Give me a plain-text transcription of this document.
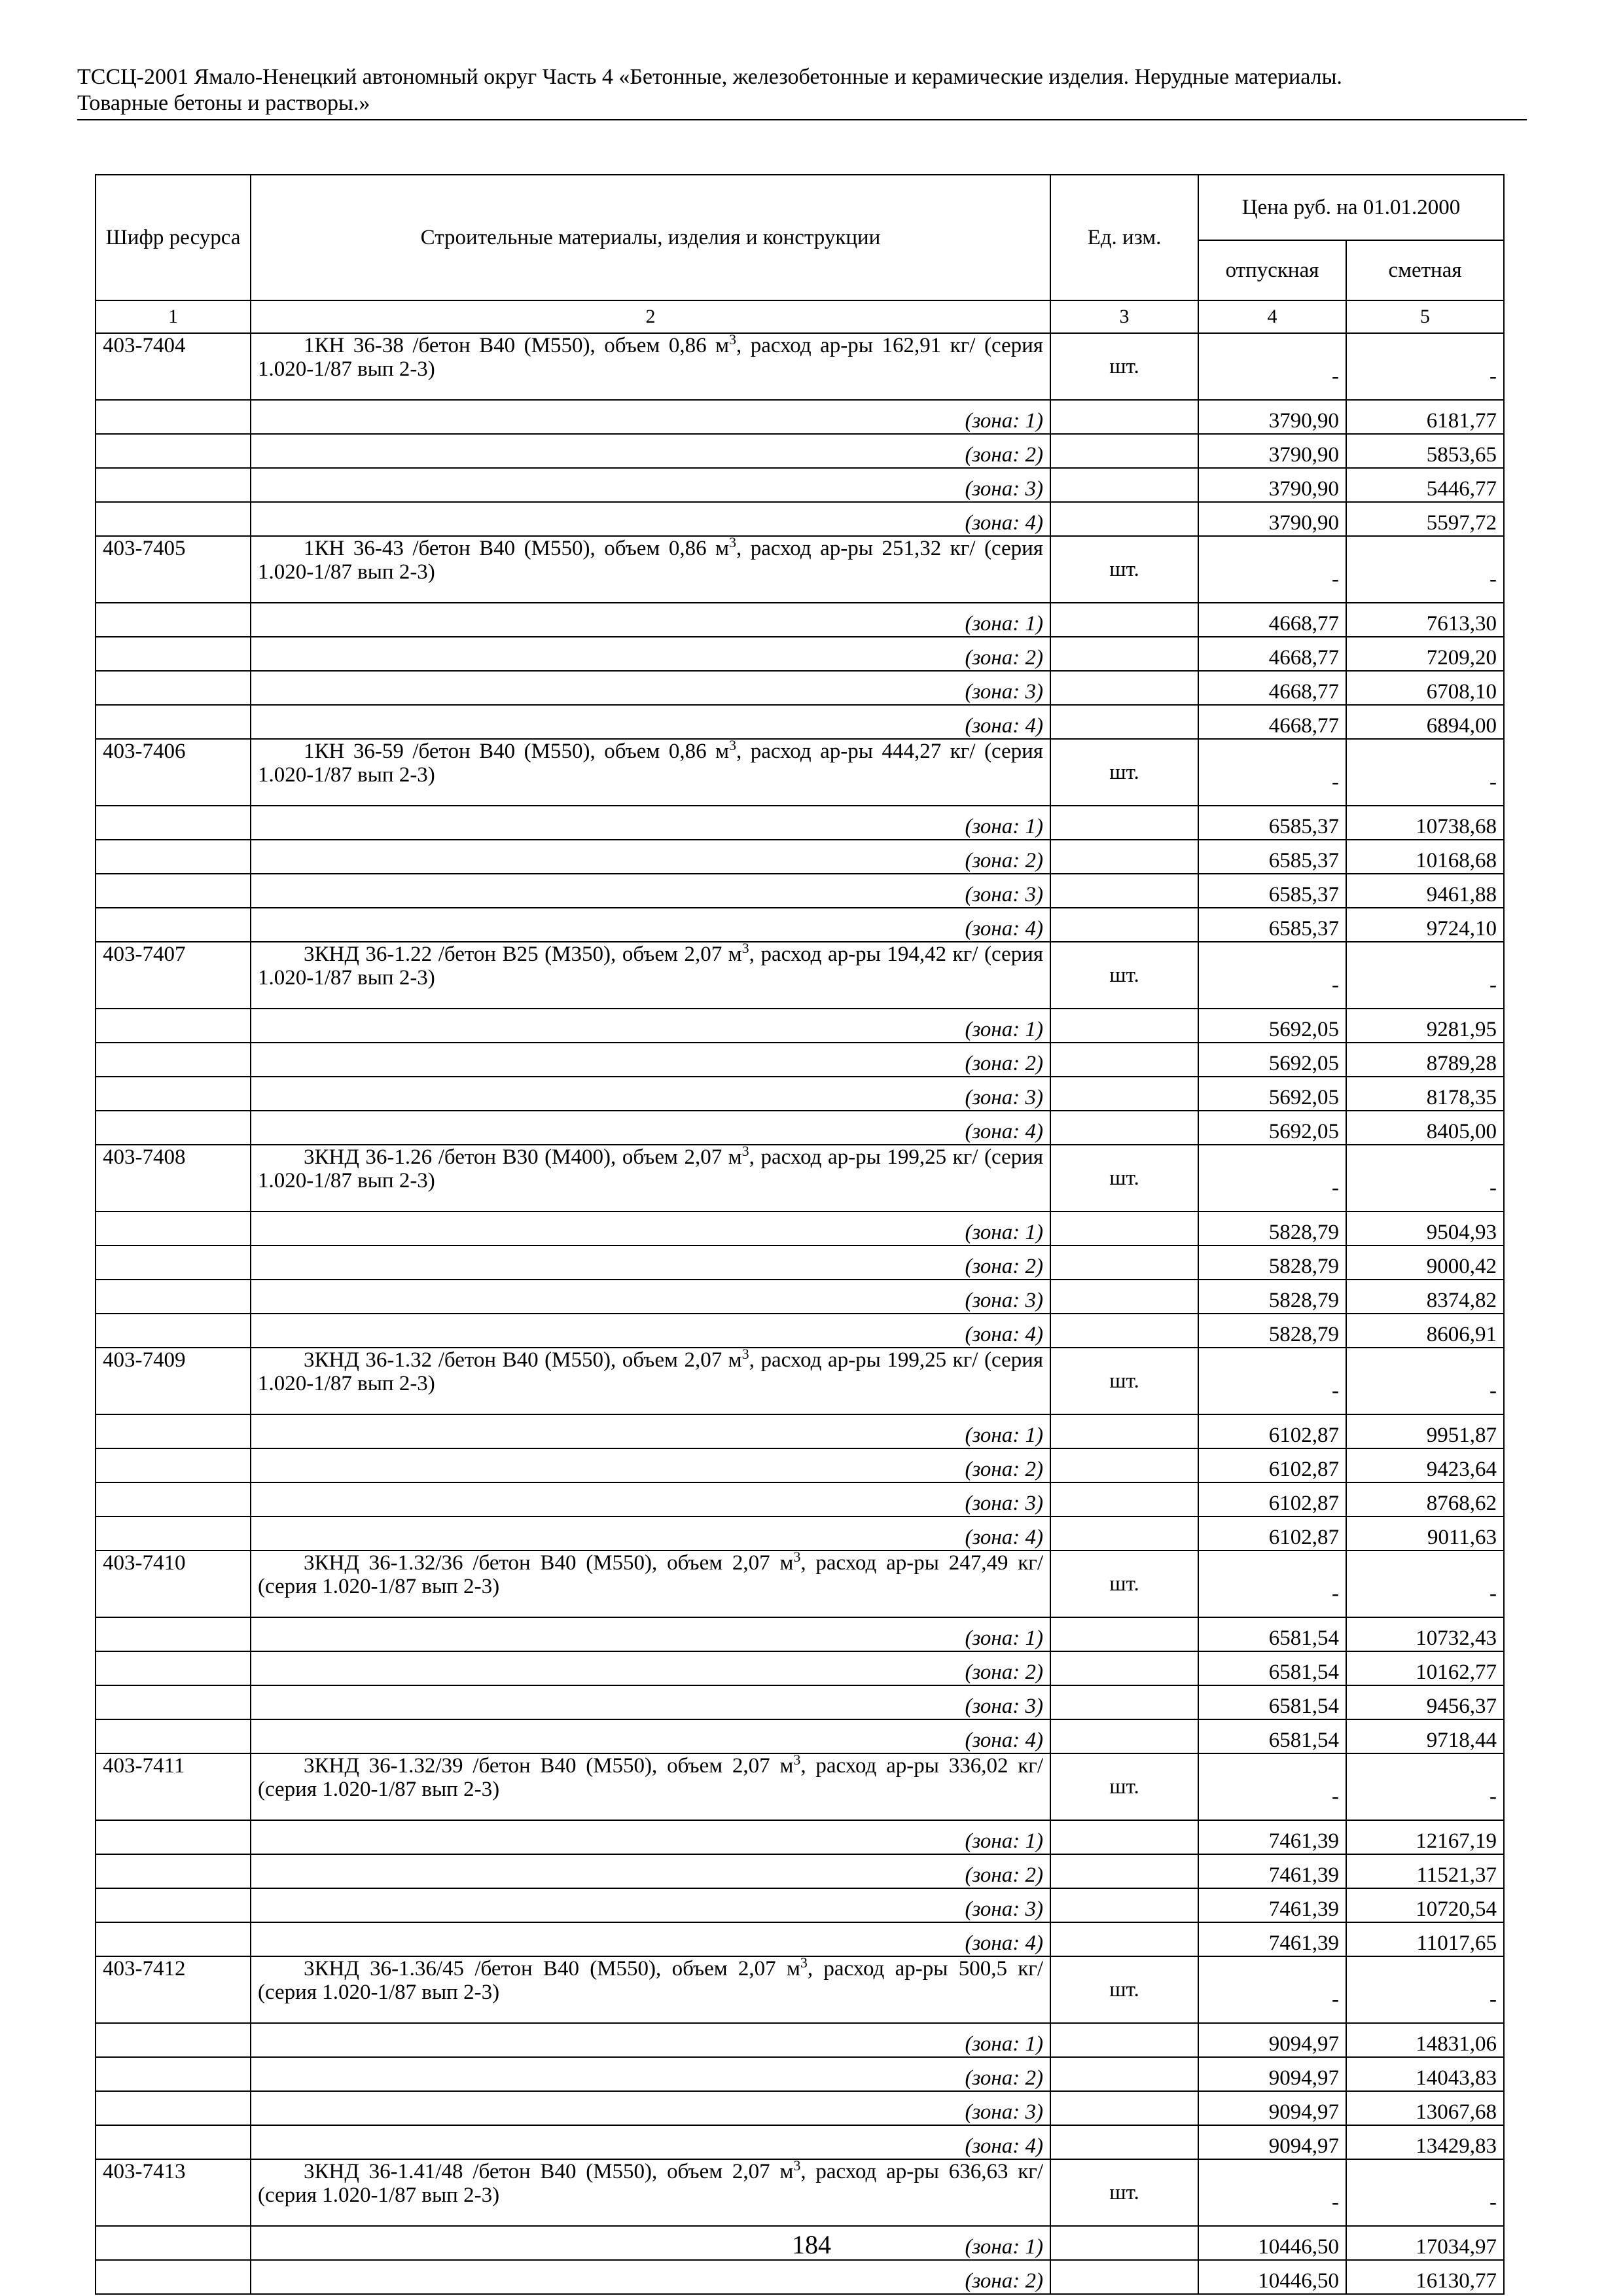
ТССЦ-2001 Ямало-Ненецкий автономный округ Часть 4 «Бетонные, железобетонные и керамические изделия. Нерудные материалы.
Товарные бетоны и растворы.»
Шифр ресурса	Строительные материалы, изделия и конструкции	Ед. изм.	Цена руб. на 01.01.2000	
			отпускная	сметная
1	2	3	4	5
403-7404	1КН 36-38 /бетон В40 (М550), объем 0,86 $м^3$, расход ар-ры 162,91 кг/ (серия 1.020-1/87 вып 2-3)	шт.	-	-
	(зона: 1)		3790,90	6181,77
	(зона: 2)		3790,90	5853,65
	(зона: 3)		3790,90	5446,77
	(зона: 4)		3790,90	5597,72
403-7405	1КН 36-43 /бетон В40 (М550), объем 0,86 $м^3$, расход ар-ры 251,32 кг/ (серия 1.020-1/87 вып 2-3)	шт.	-	-
	(зона: 1)		4668,77	7613,30
	(зона: 2)		4668,77	7209,20
	(зона: 3)		4668,77	6708,10
	(зона: 4)		4668,77	6894,00
403-7406	1КН 36-59 /бетон В40 (М550), объем 0,86 $м^3$, расход ар-ры 444,27 кг/ (серия 1.020-1/87 вып 2-3)	шт.	-	-
	(зона: 1)		6585,37	10738,68
	(зона: 2)		6585,37	10168,68
	(зона: 3)		6585,37	9461,88
	(зона: 4)		6585,37	9724,10
403-7407	3КНД 36-1.22 /бетон В25 (М350), объем 2,07 $м^3$, расход ар-ры 194,42 кг/ (серия 1.020-1/87 вып 2-3)	шт.	-	-
	(зона: 1)		5692,05	9281,95
	(зона: 2)		5692,05	8789,28
	(зона: 3)		5692,05	8178,35
	(зона: 4)		5692,05	8405,00
403-7408	3КНД 36-1.26 /бетон В30 (М400), объем 2,07 $м^3$, расход ар-ры 199,25 кг/ (серия 1.020-1/87 вып 2-3)	шт.	-	-
	(зона: 1)		5828,79	9504,93
	(зона: 2)		5828,79	9000,42
	(зона: 3)		5828,79	8374,82
	(зона: 4)		5828,79	8606,91
403-7409	3КНД 36-1.32 /бетон В40 (М550), объем 2,07 $м^3$, расход ар-ры 199,25 кг/ (серия 1.020-1/87 вып 2-3)	шт.	-	-
	(зона: 1)		6102,87	9951,87
	(зона: 2)		6102,87	9423,64
	(зона: 3)		6102,87	8768,62
	(зона: 4)		6102,87	9011,63
403-7410	3КНД 36-1.32/36 /бетон В40 (М550), объем 2,07 $м^3$, расход ар-ры 247,49 кг/ (серия 1.020-1/87 вып 2-3)	шт.	-	-
	(зона: 1)		6581,54	10732,43
	(зона: 2)		6581,54	10162,77
	(зона: 3)		6581,54	9456,37
	(зона: 4)		6581,54	9718,44
403-7411	3КНД 36-1.32/39 /бетон В40 (М550), объем 2,07 $м^3$, расход ар-ры 336,02 кг/ (серия 1.020-1/87 вып 2-3)	шт.	-	-
	(зона: 1)		7461,39	12167,19
	(зона: 2)		7461,39	11521,37
	(зона: 3)		7461,39	10720,54
	(зона: 4)		7461,39	11017,65
403-7412	3КНД 36-1.36/45 /бетон В40 (М550), объем 2,07 $м^3$, расход ар-ры 500,5 кг/ (серия 1.020-1/87 вып 2-3)	шт.	-	-
	(зона: 1)		9094,97	14831,06
	(зона: 2)		9094,97	14043,83
	(зона: 3)		9094,97	13067,68
	(зона: 4)		9094,97	13429,83
403-7413	3КНД 36-1.41/48 /бетон В40 (М550), объем 2,07 $м^3$, расход ар-ры 636,63 кг/ (серия 1.020-1/87 вып 2-3)	шт.	-	-
	(зона: 1)		10446,50	17034,97
	(зона: 2)		10446,50	16130,77
184
